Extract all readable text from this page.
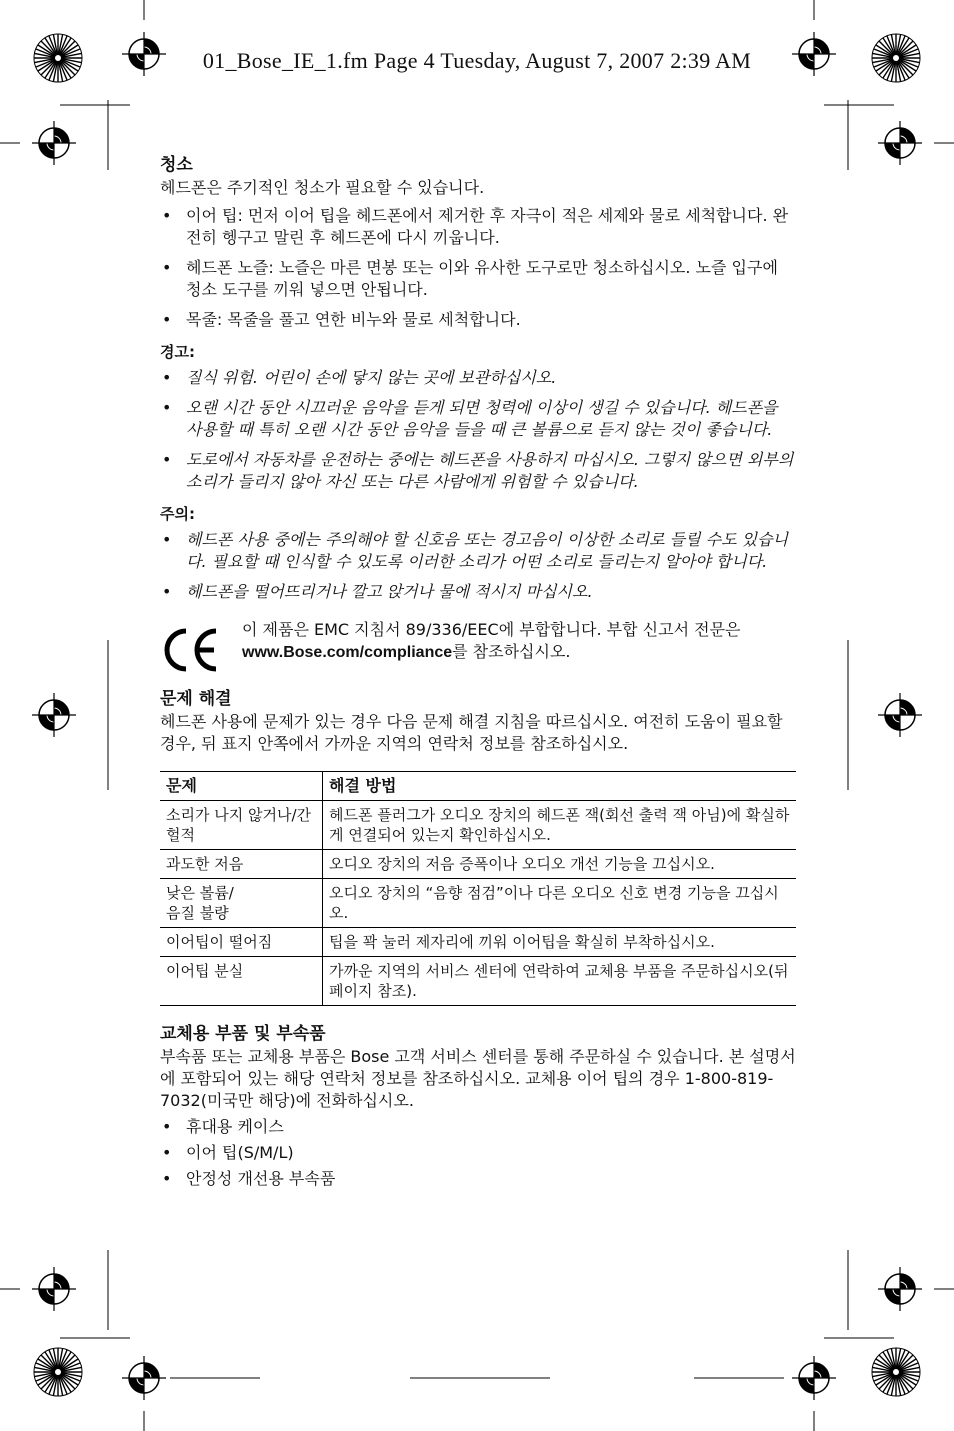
01_Bose_IE_1.fm Page 4 Tuesday, August 7, 2007 2:39 AM
청소

헤드폰은 주기적인 청소가 필요할 수 있습니다.

• 이어 팁: 먼저 이어 팁을 헤드폰에서 제거한 후 자극이 적은 세제와 물로 세척합니다. 완전히 헹구고 말린 후 헤드폰에 다시 끼웁니다.
• 헤드폰 노즐: 노즐은 마른 면봉 또는 이와 유사한 도구로만 청소하십시오. 노즐 입구에 청소 도구를 끼워 넣으면 안됩니다.
• 목줄: 목줄을 풀고 연한 비누와 물로 세척합니다.
경고:
• 질식 위험. 어린이 손에 닿지 않는 곳에 보관하십시오.
• 오랜 시간 동안 시끄러운 음악을 듣게 되면 청력에 이상이 생길 수 있습니다. 헤드폰을 사용할 때 특히 오랜 시간 동안 음악을 들을 때 큰 볼륨으로 듣지 않는 것이 좋습니다.
• 도로에서 자동차를 운전하는 중에는 헤드폰을 사용하지 마십시오. 그렇지 않으면 외부의 소리가 들리지 않아 자신 또는 다른 사람에게 위험할 수 있습니다.
주의:
• 헤드폰 사용 중에는 주의해야 할 신호음 또는 경고음이 이상한 소리로 들릴 수도 있습니다. 필요할 때 인식할 수 있도록 이러한 소리가 어떤 소리로 들리는지 알아야 합니다.
• 헤드폰을 떨어뜨리거나 깔고 앉거나 물에 적시지 마십시오.
이 제품은 EMC 지침서 89/336/EEC에 부합합니다. 부합 신고서 전문은
www.Bose.com/compliance를 참조하십시오.
문제 해결

헤드폰 사용에 문제가 있는 경우 다음 문제 해결 지침을 따르십시오. 여전히 도움이 필요할 경우, 뒤 표지 안쪽에서 가까운 지역의 연락처 정보를 참조하십시오.

문제	해결 방법
소리가 나지 않거나/간헐적	헤드폰 플러그가 오디오 장치의 헤드폰 잭(회선 출력 잭 아님)에 확실하게 연결되어 있는지 확인하십시오.
과도한 저음	오디오 장치의 저음 증폭이나 오디오 개선 기능을 끄십시오.
낮은 볼륨/
음질 불량	오디오 장치의 “음향 점검”이나 다른 오디오 신호 변경 기능을 끄십시오.
이어팁이 떨어짐	팁을 꽉 눌러 제자리에 끼워 이어팁을 확실히 부착하십시오.
이어팁 분실	가까운 지역의 서비스 센터에 연락하여 교체용 부품을 주문하십시오(뒤 페이지 참조).
교체용 부품 및 부속품

부속품 또는 교체용 부품은 Bose 고객 서비스 센터를 통해 주문하실 수 있습니다. 본 설명서에 포함되어 있는 해당 연락처 정보를 참조하십시오. 교체용 이어 팁의 경우 1-800-819-7032(미국만 해당)에 전화하십시오.

• 휴대용 케이스
• 이어 팁(S/M/L)
• 안정성 개선용 부속품
